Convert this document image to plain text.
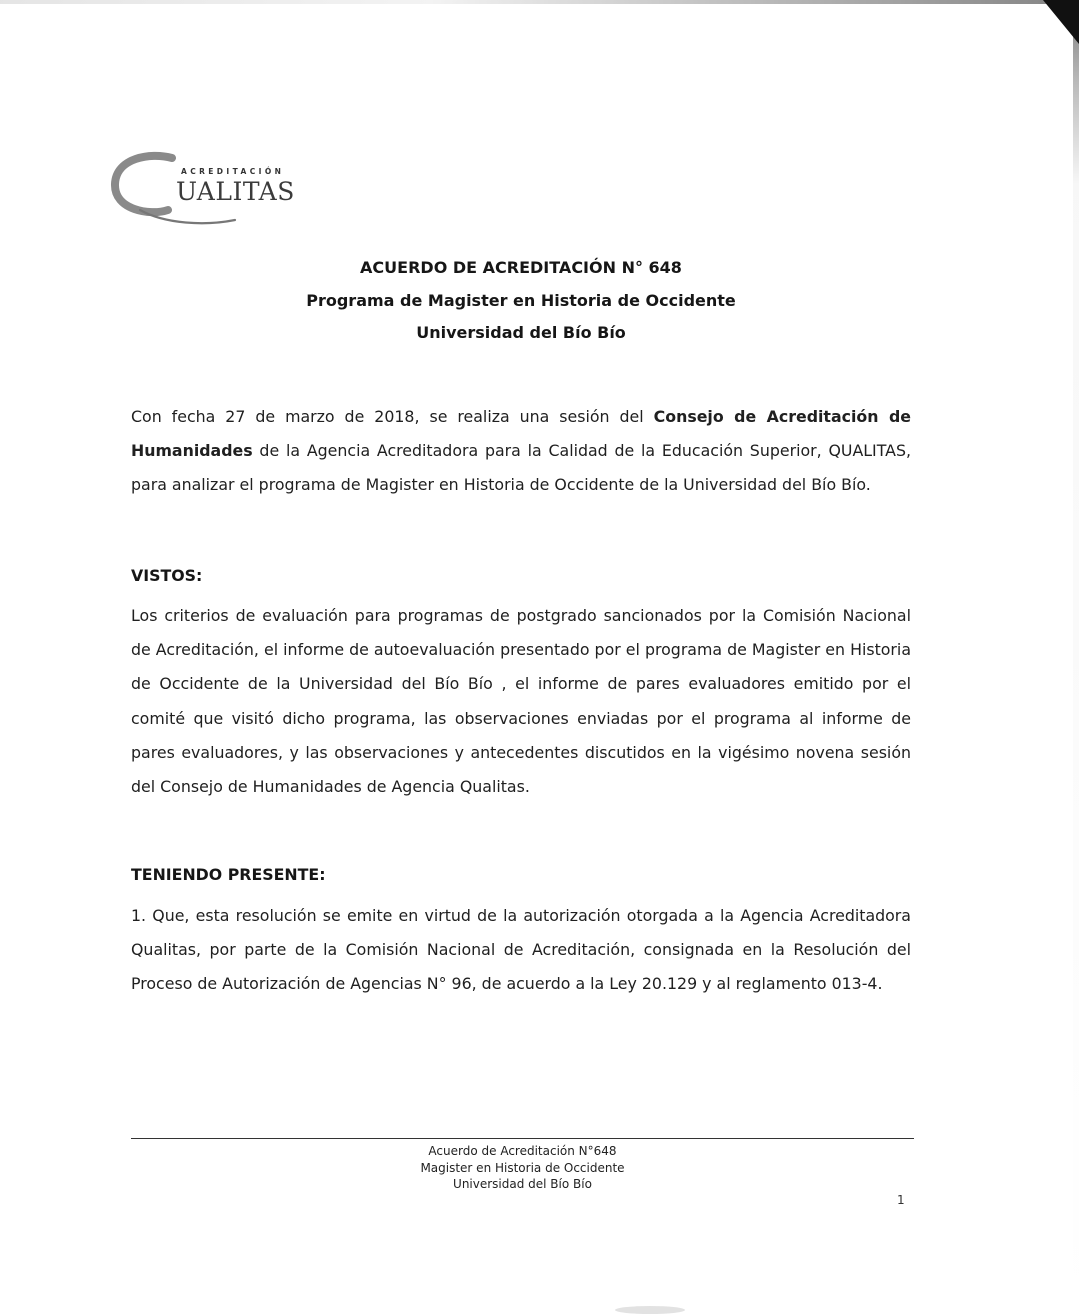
ACREDITACIÓN
UALITAS
ACUERDO DE ACREDITACIÓN N° 648
Programa de Magister en Historia de Occidente
Universidad del Bío Bío
Con fecha 27 de marzo de 2018, se realiza una sesión del Consejo de Acreditación de Humanidades de la Agencia Acreditadora para la Calidad de la Educación Superior, QUALITAS, para analizar el programa de Magister en Historia de Occidente de la Universidad del Bío Bío.
VISTOS:
Los criterios de evaluación para programas de postgrado sancionados por la Comisión Nacional de Acreditación, el informe de autoevaluación presentado por el programa de Magister en Historia de Occidente de la Universidad del Bío Bío , el informe de pares evaluadores emitido por el comité que visitó dicho programa, las observaciones enviadas por el programa al informe de pares evaluadores, y las observaciones y antecedentes discutidos en la vigésimo novena sesión del Consejo de Humanidades de Agencia Qualitas.
TENIENDO PRESENTE:
1. Que, esta resolución se emite en virtud de la autorización otorgada a la Agencia Acreditadora Qualitas, por parte de la Comisión Nacional de Acreditación, consignada en la Resolución del Proceso de Autorización de Agencias N° 96, de acuerdo a la Ley 20.129 y al reglamento 013-4.
Acuerdo de Acreditación N°648
Magister en Historia de Occidente
Universidad del Bío Bío
1
